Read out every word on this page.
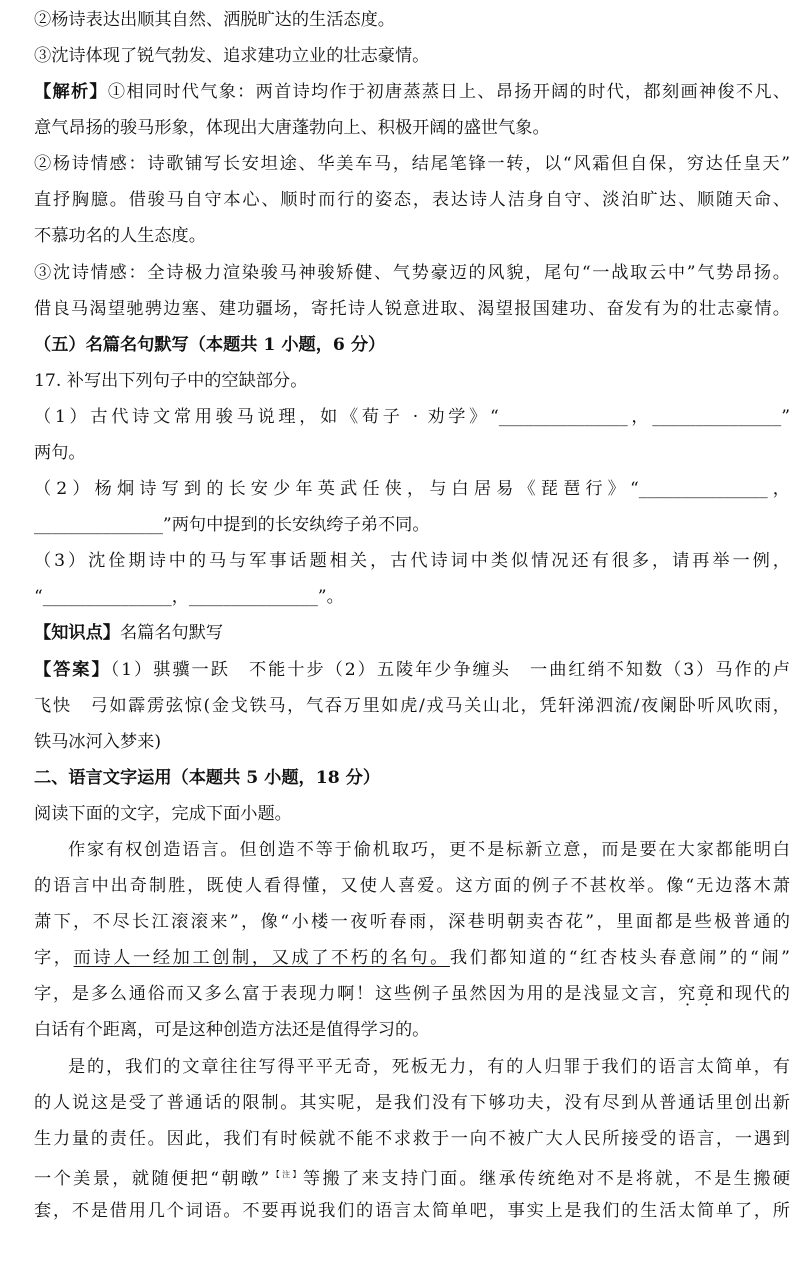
②杨诗表达出顺其自然、洒脱旷达的生活态度。
③沈诗体现了锐气勃发、追求建功立业的壮志豪情。
【解析】①相同时代气象：两首诗均作于初唐蒸蒸日上、昂扬开阔的时代，都刻画神俊不凡、
意气昂扬的骏马形象，体现出大唐蓬勃向上、积极开阔的盛世气象。
②杨诗情感：诗歌铺写长安坦途、华美车马，结尾笔锋一转，以“风霜但自保，穷达任皇天”
直抒胸臆。借骏马自守本心、顺时而行的姿态，表达诗人洁身自守、淡泊旷达、顺随天命、
不慕功名的人生态度。
③沈诗情感：全诗极力渲染骏马神骏矫健、气势豪迈的风貌，尾句“一战取云中”气势昂扬。
借良马渴望驰骋边塞、建功疆场，寄托诗人锐意进取、渴望报国建功、奋发有为的壮志豪情。
（五）名篇名句默写（本题共 1 小题，6 分）
17. 补写出下列句子中的空缺部分。
（1）古代诗文常用骏马说理，如《荀子 · 劝学》“_______________，_______________”
两句。
（2）杨炯诗写到的长安少年英武任侠，与白居易《琵琶行》“_______________，
_______________”两句中提到的长安纨绔子弟不同。
（3）沈佺期诗中的马与军事话题相关，古代诗词中类似情况还有很多，请再举一例，
“_______________，_______________”。
【知识点】名篇名句默写
【答案】（1）骐骥一跃　不能十步（2）五陵年少争缠头　一曲红绡不知数（3）马作的卢
飞快　弓如霹雳弦惊(金戈铁马，气吞万里如虎/戎马关山北，凭轩涕泗流/夜阑卧听风吹雨，
铁马冰河入梦来)
二、语言文字运用（本题共 5 小题，18 分）
阅读下面的文字，完成下面小题。
作家有权创造语言。但创造不等于偷机取巧，更不是标新立意，而是要在大家都能明白
的语言中出奇制胜，既使人看得懂，又使人喜爱。这方面的例子不甚枚举。像“无边落木萧
萧下，不尽长江滚滚来”，像“小楼一夜听春雨，深巷明朝卖杏花”，里面都是些极普通的
字，而诗人一经加工创制，又成了不朽的名句。我们都知道的“红杏枝头春意闹”的“闹”
字，是多么通俗而又多么富于表现力啊！这些例子虽然因为用的是浅显文言，究竟和现代的
白话有个距离，可是这种创造方法还是值得学习的。
是的，我们的文章往往写得平平无奇，死板无力，有的人归罪于我们的语言太简单，有
的人说这是受了普通话的限制。其实呢，是我们没有下够功夫，没有尽到从普通话里创出新
生力量的责任。因此，我们有时候就不能不求救于一向不被广大人民所接受的语言，一遇到
一个美景，就随便把“朝暾”$^{【注】}$等搬了来支持门面。继承传统绝对不是将就，不是生搬硬
套，不是借用几个词语。不要再说我们的语言太简单吧，事实上是我们的生活太简单了，所
